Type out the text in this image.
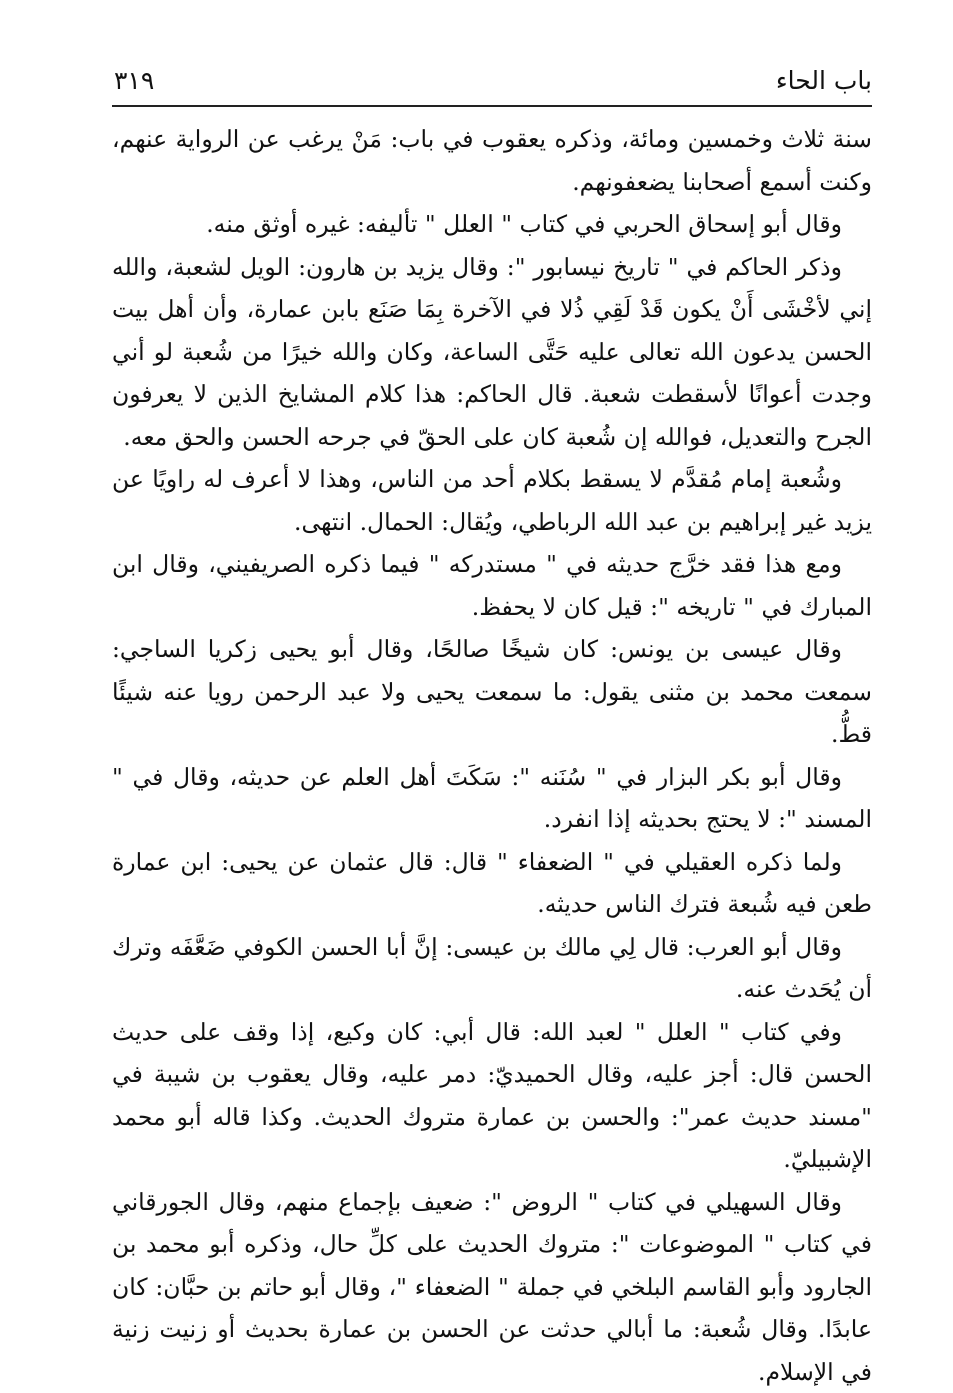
باب الحاء
٣١٩

سنة ثلاث وخمسين ومائة، وذكره يعقوب في باب: مَنْ يرغب عن الرواية عنهم، وكنت أسمع أصحابنا يضعفونهم.

وقال أبو إسحاق الحربي في كتاب " العلل " تأليفه: غيره أوثق منه.

وذكر الحاكم في " تاريخ نيسابور ": وقال يزيد بن هارون: الويل لشعبة، والله إني لأخْشَى أَنْ يكون قَدْ لَقِي ذُلا في الآخرة بِمَا صَنَع بابن عمارة، وأن أهل بيت الحسن يدعون الله تعالى عليه حَتَّى الساعة، وكان والله خيرًا من شُعبة لو أني وجدت أعوانًا لأسقطت شعبة. قال الحاكم: هذا كلام المشايخ الذين لا يعرفون الجرح والتعديل، فوالله إن شُعبة كان على الحقّ في جرحه الحسن والحق معه.

وشُعبة إمام مُقدَّم لا يسقط بكلام أحد من الناس، وهذا لا أعرف له راويًا عن يزيد غير إبراهيم بن عبد الله الرباطي، ويُقال: الحمال. انتهى.

ومع هذا فقد خرَّج حديثه في " مستدركه " فيما ذكره الصريفيني، وقال ابن المبارك في " تاريخه ": قيل كان لا يحفظ.

وقال عيسى بن يونس: كان شيخًا صالحًا، وقال أبو يحيى زكريا الساجي: سمعت محمد بن مثنى يقول: ما سمعت يحيى ولا عبد الرحمن رويا عنه شيئًا قطُّ.

وقال أبو بكر البزار في " سُنَنه ": سَكَتَ أهل العلم عن حديثه، وقال في " المسند ": لا يحتج بحديثه إذا انفرد.

ولما ذكره العقيلي في " الضعفاء " قال: قال عثمان عن يحيى: ابن عمارة طعن فيه شُبعة فترك الناس حديثه.

وقال أبو العرب: قال لِي مالك بن عيسى: إنَّ أبا الحسن الكوفي ضَعَّفَه وترك أن يُحَدث عنه.

وفي كتاب " العلل " لعبد الله: قال أبي: كان وكيع، إذا وقف على حديث الحسن قال: أجز عليه، وقال الحميديّ: دمر عليه، وقال يعقوب بن شيبة في "مسند حديث عمر": والحسن بن عمارة متروك الحديث. وكذا قاله أبو محمد الإشبيليّ.

وقال السهيلي في كتاب " الروض ": ضعيف بإجماع منهم، وقال الجورقاني في كتاب " الموضوعات ": متروك الحديث على كلِّ حال، وذكره أبو محمد بن الجارود وأبو القاسم البلخي في جملة " الضعفاء "، وقال أبو حاتم بن حبَّان: كان عابدًا. وقال شُعبة: ما أبالي حدثت عن الحسن بن عمارة بحديث أو زنيت زنية في الإسلام.
